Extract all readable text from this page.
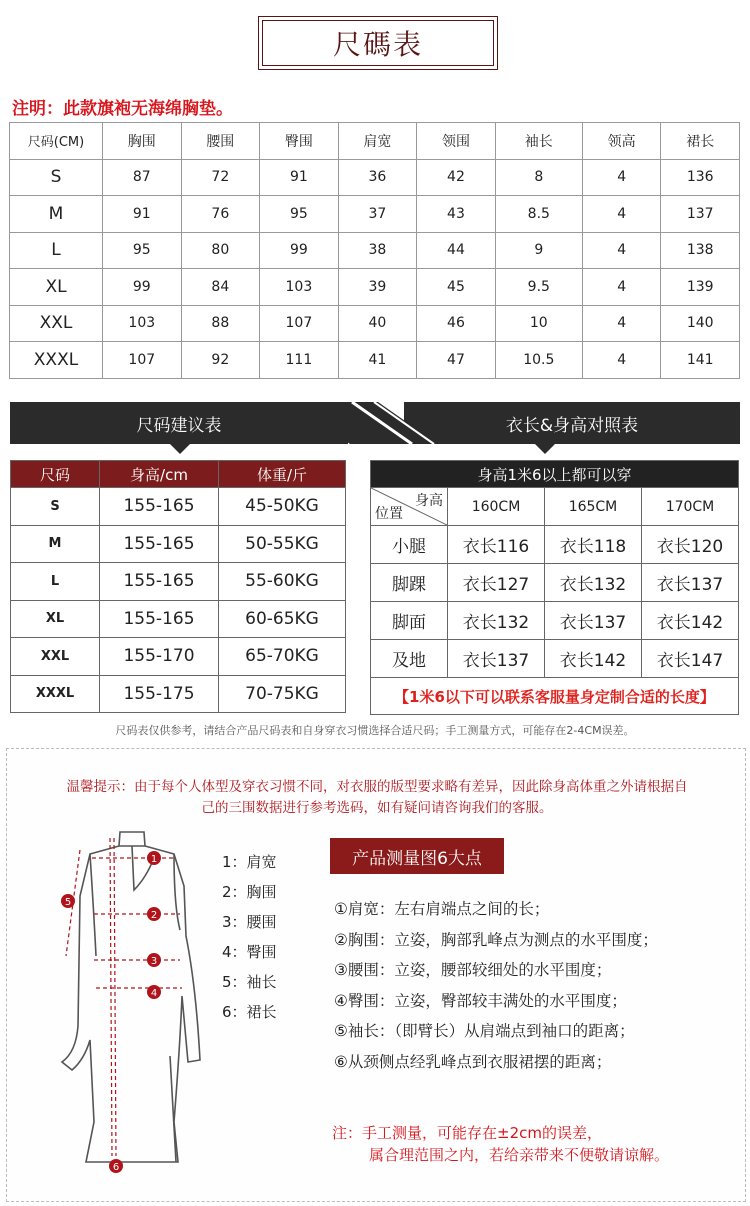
尺碼表
注明：此款旗袍无海绵胸垫。
尺码(CM)	胸围	腰围	臀围	肩宽	领围	袖长	领高	裙长
S	87	72	91	36	42	8	4	136
M	91	76	95	37	43	8.5	4	137
L	95	80	99	38	44	9	4	138
XL	99	84	103	39	45	9.5	4	139
XXL	103	88	107	40	46	10	4	140
XXXL	107	92	111	41	47	10.5	4	141
尺码建议表	衣长&身高对照表
尺码	身高/cm	体重/斤
S	155-165	45-50KG
M	155-165	50-55KG
L	155-165	55-60KG
XL	155-165	60-65KG
XXL	155-170	65-70KG
XXXL	155-175	70-75KG
身高1米6以上都可以穿			

身高
位置	160CM	165CM	170CM
小腿	衣长116	衣长118	衣长120
脚踝	衣长127	衣长132	衣长137
脚面	衣长132	衣长137	衣长142
及地	衣长137	衣长142	衣长147
【1米6以下可以联系客服量身定制合适的长度】			
尺码表仅供参考，请结合产品尺码表和自身穿衣习惯选择合适尺码；手工测量方式，可能存在2-4CM误差。
温馨提示：由于每个人体型及穿衣习惯不同，对衣服的版型要求略有差异，因此除身高体重之外请根据自
己的三围数据进行参考选码，如有疑问请咨询我们的客服。
1
2
3
4
5
6
1：肩宽
2：胸围
3：腰围
4：臀围
5：袖长
6：裙长
产品测量图6大点
①肩宽：左右肩端点之间的长；
②胸围：立姿，胸部乳峰点为测点的水平围度；
③腰围：立姿，腰部较细处的水平围度；
④臀围：立姿，臀部较丰满处的水平围度；
⑤袖长：（即臂长）从肩端点到袖口的距离；
⑥从颈侧点经乳峰点到衣服裙摆的距离；
注：手工测量，可能存在±2cm的误差，
属合理范围之内，若给亲带来不便敬请谅解。
